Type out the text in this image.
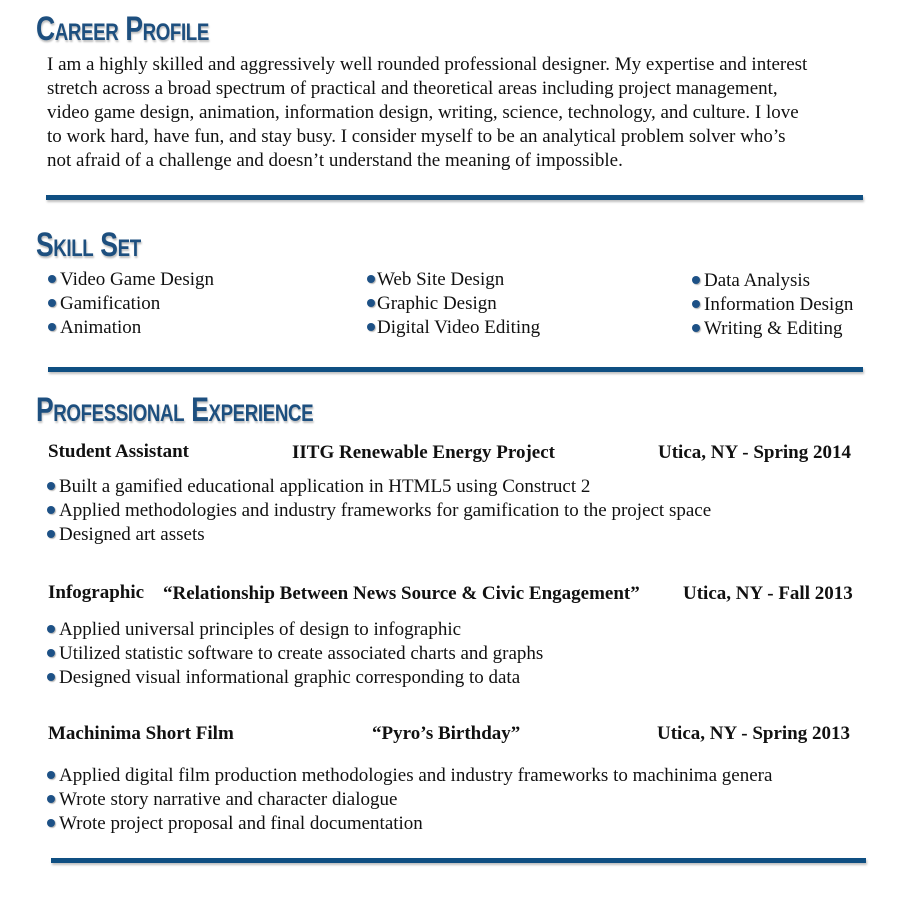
Career Profile
I am a highly skilled and aggressively well rounded professional designer. My expertise and interest
stretch across a broad spectrum of practical and theoretical areas including project management,
video game design, animation, information design, writing, science, technology, and culture. I love
to work hard, have fun, and stay busy. I consider myself to be an analytical problem solver who’s
not afraid of a challenge and doesn’t understand the meaning of impossible.
Skill Set
Video Game Design
Gamification
Animation
Web Site Design
Graphic Design
Digital Video Editing
Data Analysis
Information Design
Writing & Editing
Professional Experience
Student Assistant	IITG Renewable Energy Project	Utica, NY - Spring 2014
Built a gamified educational application in HTML5 using Construct 2
Applied methodologies and industry frameworks for gamification to the project space
Designed art assets
Infographic “Relationship Between News Source & Civic Engagement” Utica, NY - Fall 2013
Applied universal principles of design to infographic
Utilized statistic software to create associated charts and graphs
Designed visual informational graphic corresponding to data
Machinima Short Film	“Pyro’s Birthday”	Utica, NY - Spring 2013
Applied digital film production methodologies and industry frameworks to machinima genera
Wrote story narrative and character dialogue
Wrote project proposal and final documentation
